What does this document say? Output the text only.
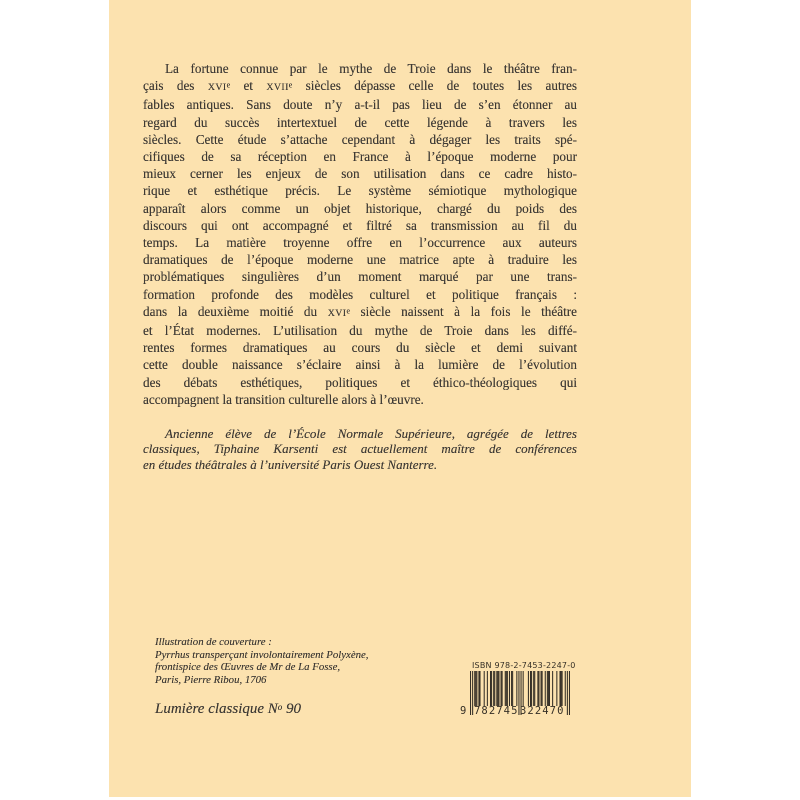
La fortune connue par le mythe de Troie dans le théâtre fran-
çais des XVIe et XVIIe siècles dépasse celle de toutes les autres
fables antiques. Sans doute n’y a-t-il pas lieu de s’en étonner au
regard du succès intertextuel de cette légende à travers les
siècles. Cette étude s’attache cependant à dégager les traits spé-
cifiques de sa réception en France à l’époque moderne pour
mieux cerner les enjeux de son utilisation dans ce cadre histo-
rique et esthétique précis. Le système sémiotique mythologique
apparaît alors comme un objet historique, chargé du poids des
discours qui ont accompagné et filtré sa transmission au fil du
temps. La matière troyenne offre en l’occurrence aux auteurs
dramatiques de l’époque moderne une matrice apte à traduire les
problématiques singulières d’un moment marqué par une trans-
formation profonde des modèles culturel et politique français :
dans la deuxième moitié du XVIe siècle naissent à la fois le théâtre
et l’État modernes. L’utilisation du mythe de Troie dans les diffé-
rentes formes dramatiques au cours du siècle et demi suivant
cette double naissance s’éclaire ainsi à la lumière de l’évolution
des débats esthétiques, politiques et éthico-théologiques qui
accompagnent la transition culturelle alors à l’œuvre.
Ancienne élève de l’École Normale Supérieure, agrégée de lettres
classiques, Tiphaine Karsenti est actuellement maître de conférences
en études théâtrales à l’université Paris Ouest Nanterre.
Illustration de couverture :
Pyrrhus transperçant involontairement Polyxène,
frontispice des Œuvres de Mr de La Fosse,
Paris, Pierre Ribou, 1706
Lumière classique $N^o$ 90
ISBN 978-2-7453-2247-0
9 782745 322470
